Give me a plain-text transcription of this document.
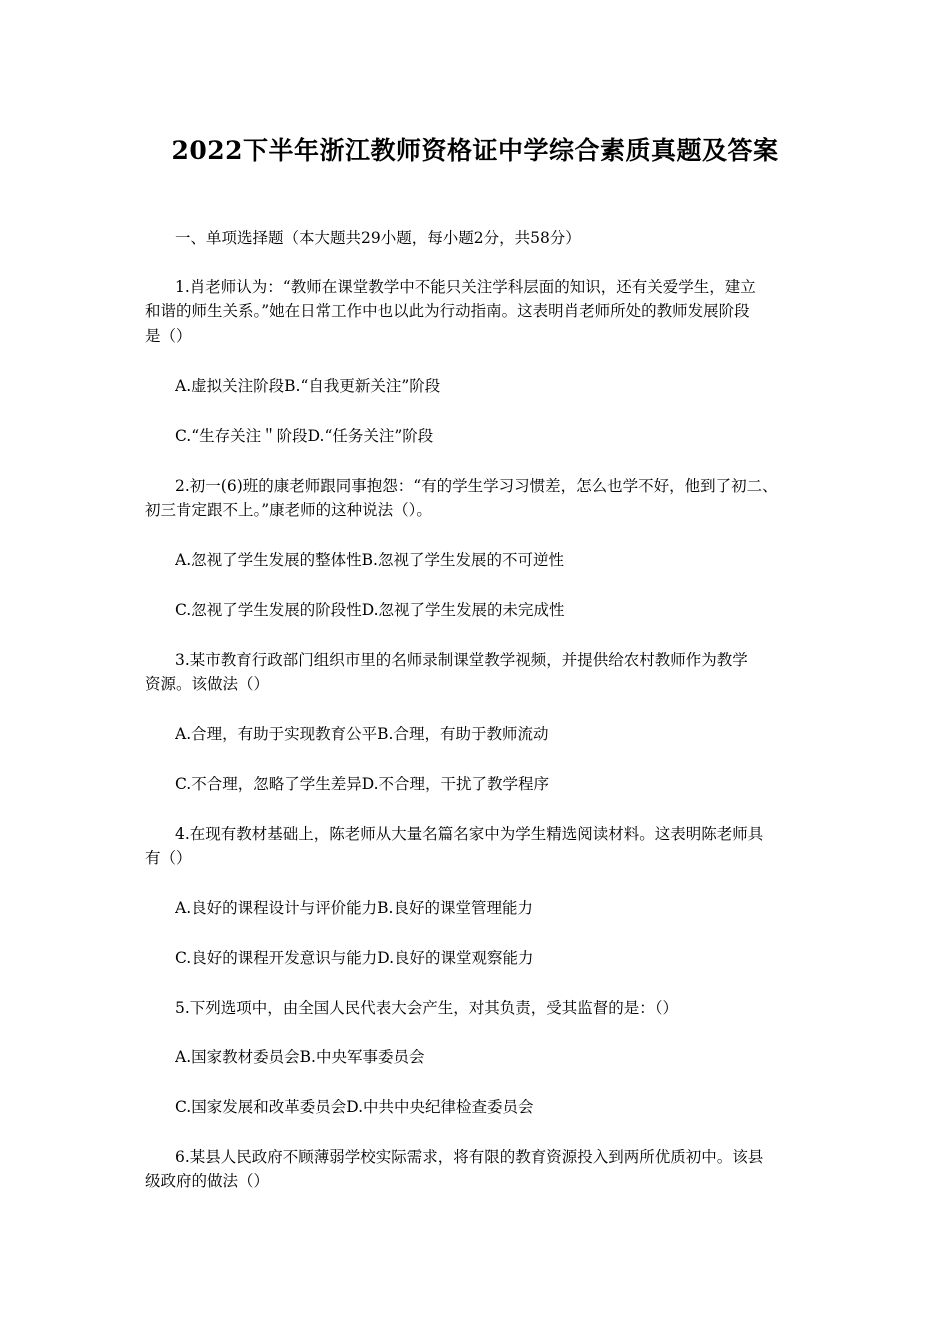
2022下半年浙江教师资格证中学综合素质真题及答案
一、单项选择题（本大题共29小题，每小题2分，共58分）
1.肖老师认为：“教师在课堂教学中不能只关注学科层面的知识，还有关爱学生，建立
和谐的师生关系。”她在日常工作中也以此为行动指南。这表明肖老师所处的教师发展阶段
是（）
A.虚拟关注阶段B.“自我更新关注”阶段
C.“生存关注＂阶段D.“任务关注”阶段
2.初一(6)班的康老师跟同事抱怨：“有的学生学习习惯差，怎么也学不好，他到了初二、
初三肯定跟不上。”康老师的这种说法（）。
A.忽视了学生发展的整体性B.忽视了学生发展的不可逆性
C.忽视了学生发展的阶段性D.忽视了学生发展的未完成性
3.某市教育行政部门组织市里的名师录制课堂教学视频，并提供给农村教师作为教学
资源。该做法（）
A.合理，有助于实现教育公平B.合理，有助于教师流动
C.不合理，忽略了学生差异D.不合理，干扰了教学程序
4.在现有教材基础上，陈老师从大量名篇名家中为学生精选阅读材料。这表明陈老师具
有（）
A.良好的课程设计与评价能力B.良好的课堂管理能力
C.良好的课程开发意识与能力D.良好的课堂观察能力
5.下列选项中，由全国人民代表大会产生，对其负责，受其监督的是：（）
A.国家教材委员会B.中央军事委员会
C.国家发展和改革委员会D.中共中央纪律检查委员会
6.某县人民政府不顾薄弱学校实际需求，将有限的教育资源投入到两所优质初中。该县
级政府的做法（）
